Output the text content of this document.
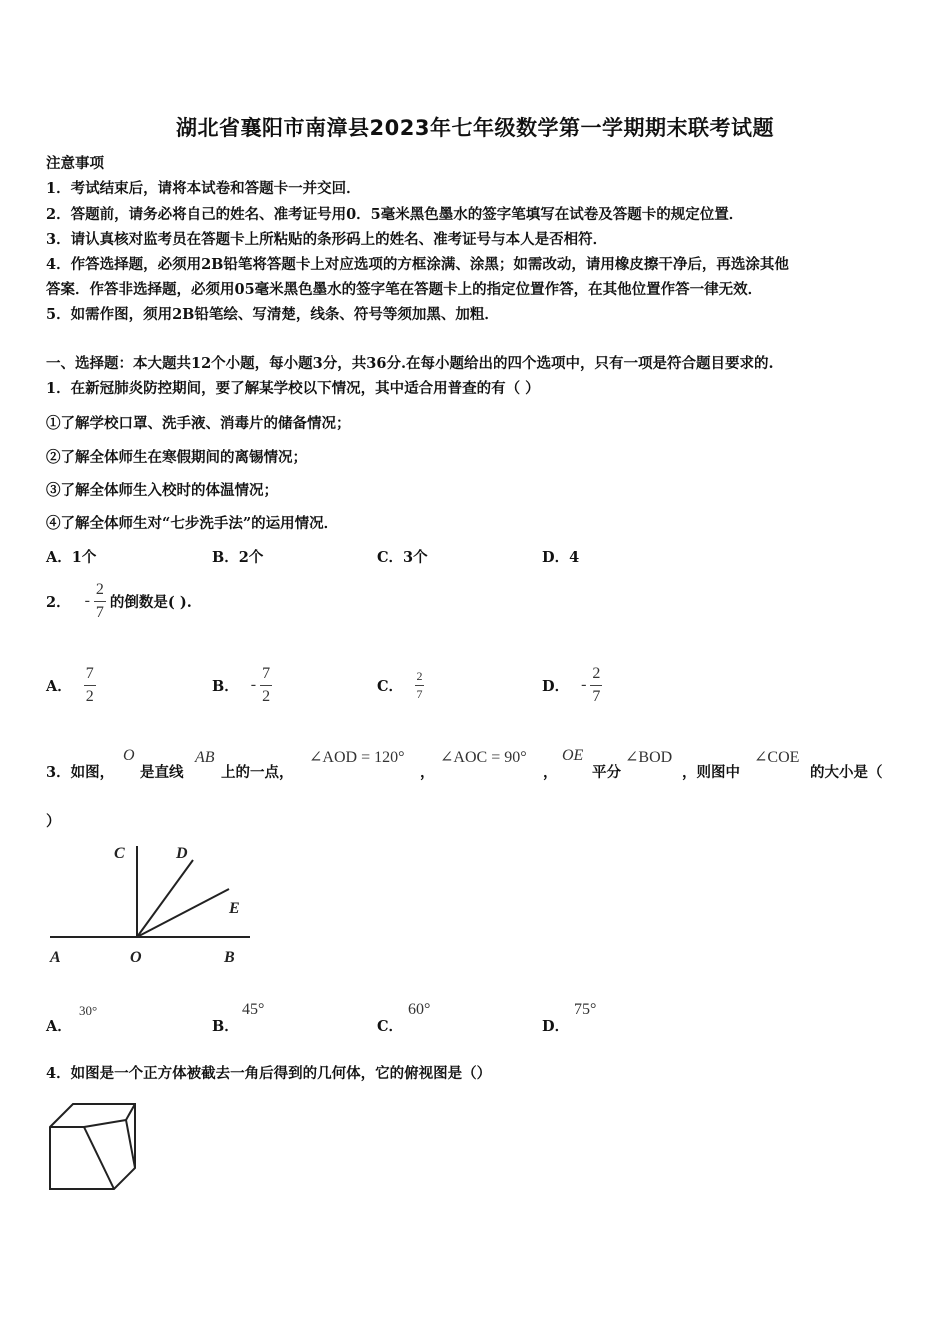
湖北省襄阳市南漳县2023年七年级数学第一学期期末联考试题
注意事项
1．考试结束后，请将本试卷和答题卡一并交回．
2．答题前，请务必将自己的姓名、准考证号用0．5毫米黑色墨水的签字笔填写在试卷及答题卡的规定位置．
3．请认真核对监考员在答题卡上所粘贴的条形码上的姓名、准考证号与本人是否相符．
4．作答选择题，必须用2B铅笔将答题卡上对应选项的方框涂满、涂黑；如需改动，请用橡皮擦干净后，再选涂其他
答案．作答非选择题，必须用05毫米黑色墨水的签字笔在答题卡上的指定位置作答，在其他位置作答一律无效．
5．如需作图，须用2B铅笔绘、写清楚，线条、符号等须加黑、加粗．
一、选择题：本大题共12个小题，每小题3分，共36分.在每小题给出的四个选项中，只有一项是符合题目要求的.
1．在新冠肺炎防控期间，要了解某学校以下情况，其中适合用普查的有（ ）
①了解学校口罩、洗手液、消毒片的储备情况；
②了解全体师生在寒假期间的离锡情况；
③了解全体师生入校时的体温情况；
④了解全体师生对“七步洗手法”的运用情况．
A．1个	B．2个	C．3个	D．4
2． - $\frac{2}{7}$ 的倒数是( ).
A． $\frac{7}{2}$	B． - $\frac{7}{2}$	C． $\frac{2}{7}$	D． - $\frac{2}{7}$
3．如图，
O
是直线
AB
上的一点，
∠AOD = 120°
，
∠AOC = 90°
，
OE
平分
∠BOD
，则图中
∠COE
的大小是（
）
C	D
E
A	O	B
A．
30°
B．
45°
C．
60°
D．
75°
4．如图是一个正方体被截去一角后得到的几何体，它的俯视图是（）
